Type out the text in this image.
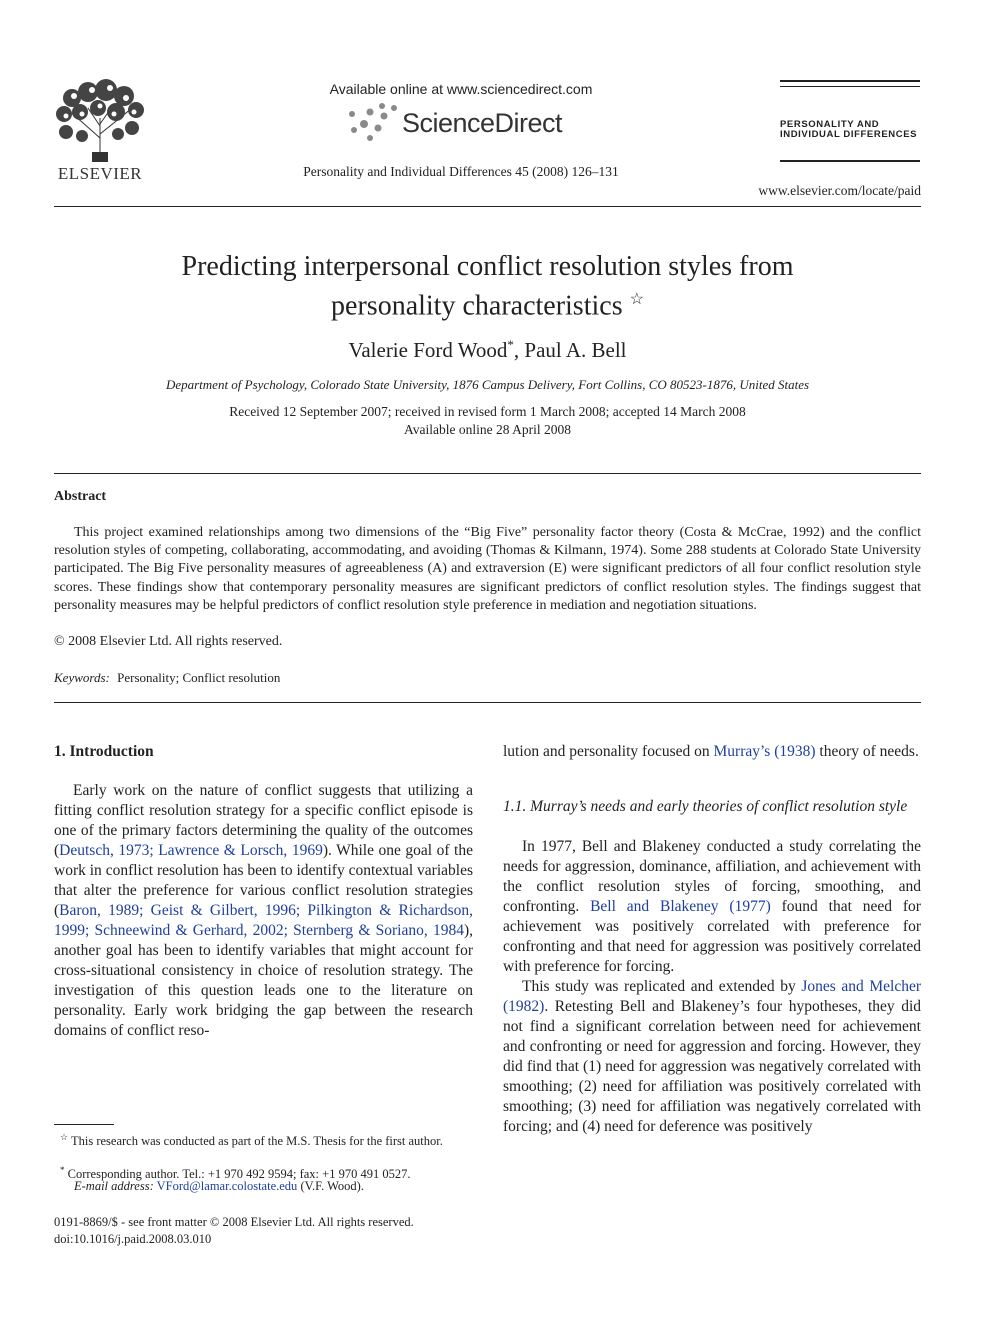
ELSEVIER
Available online at www.sciencedirect.com
ScienceDirect
Personality and Individual Differences 45 (2008) 126–131
PERSONALITY AND
INDIVIDUAL DIFFERENCES
www.elsevier.com/locate/paid
Predicting interpersonal conflict resolution styles from
personality characteristics ☆
Valerie Ford Wood*, Paul A. Bell
Department of Psychology, Colorado State University, 1876 Campus Delivery, Fort Collins, CO 80523-1876, United States
Received 12 September 2007; received in revised form 1 March 2008; accepted 14 March 2008
Available online 28 April 2008
Abstract
This project examined relationships among two dimensions of the “Big Five” personality factor theory (Costa & McCrae, 1992) and the conflict resolution styles of competing, collaborating, accommodating, and avoiding (Thomas & Kilmann, 1974). Some 288 students at Colorado State University participated. The Big Five personality measures of agreeableness (A) and extraversion (E) were significant predictors of all four conflict resolution style scores. These findings show that contemporary personality measures are significant predictors of conflict resolution styles. The findings suggest that personality measures may be helpful predictors of conflict resolution style preference in mediation and negotiation situations.
© 2008 Elsevier Ltd. All rights reserved.
Keywords: Personality; Conflict resolution

1. Introduction

Early work on the nature of conflict suggests that utilizing a fitting conflict resolution strategy for a specific conflict episode is one of the primary factors determining the quality of the outcomes (Deutsch, 1973; Lawrence & Lorsch, 1969). While one goal of the work in conflict resolution has been to identify contextual variables that alter the preference for various conflict resolution strategies (Baron, 1989; Geist & Gilbert, 1996; Pilkington & Richardson, 1999; Schneewind & Gerhard, 2002; Sternberg & Soriano, 1984), another goal has been to identify variables that might account for cross-situational consistency in choice of resolution strategy. The investigation of this question leads one to the literature on personality. Early work bridging the gap between the research domains of conflict reso-

☆ This research was conducted as part of the M.S. Thesis for the first author.
* Corresponding author. Tel.: +1 970 492 9594; fax: +1 970 491 0527.
E-mail address: VFord@lamar.colostate.edu (V.F. Wood).
0191-8869/$ - see front matter © 2008 Elsevier Ltd. All rights reserved.
doi:10.1016/j.paid.2008.03.010

lution and personality focused on Murray’s (1938) theory of needs.

1.1. Murray’s needs and early theories of conflict resolution style

In 1977, Bell and Blakeney conducted a study correlating the needs for aggression, dominance, affiliation, and achievement with the conflict resolution styles of forcing, smoothing, and confronting. Bell and Blakeney (1977) found that need for achievement was positively correlated with preference for confronting and that need for aggression was positively correlated with preference for forcing.

This study was replicated and extended by Jones and Melcher (1982). Retesting Bell and Blakeney’s four hypotheses, they did not find a significant correlation between need for achievement and confronting or need for aggression and forcing. However, they did find that (1) need for aggression was negatively correlated with smoothing; (2) need for affiliation was positively correlated with smoothing; (3) need for affiliation was negatively correlated with forcing; and (4) need for deference was positively
